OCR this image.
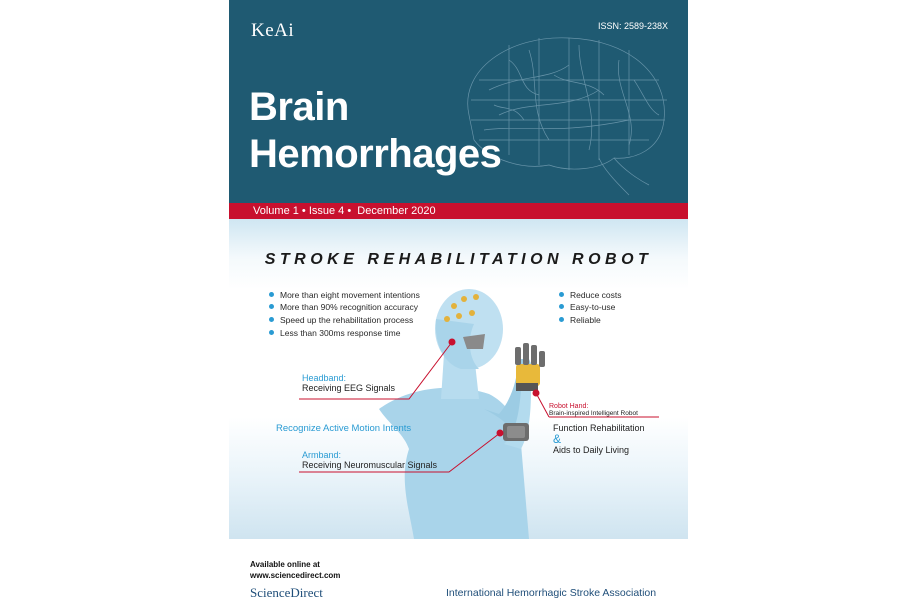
KeAi	ISSN: 2589-238X
Brain
Hemorrhages
Volume 1 • Issue 4 •  December 2020
STROKE REHABILITATION ROBOT
More than eight movement intentions
More than 90% recognition accuracy
Speed up the rehabilitation process
Less than 300ms response time
Reduce costs
Easy-to-use
Reliable
Headband:
Receiving EEG Signals
Recognize Active Motion Intents
Armband:
Receiving Neuromuscular Signals
Robot Hand:
Brain-inspired Intelligent Robot
Function Rehabilitation
&
Aids to Daily Living
Available online at
www.sciencedirect.com
ScienceDirect	International Hemorrhagic Stroke Association
